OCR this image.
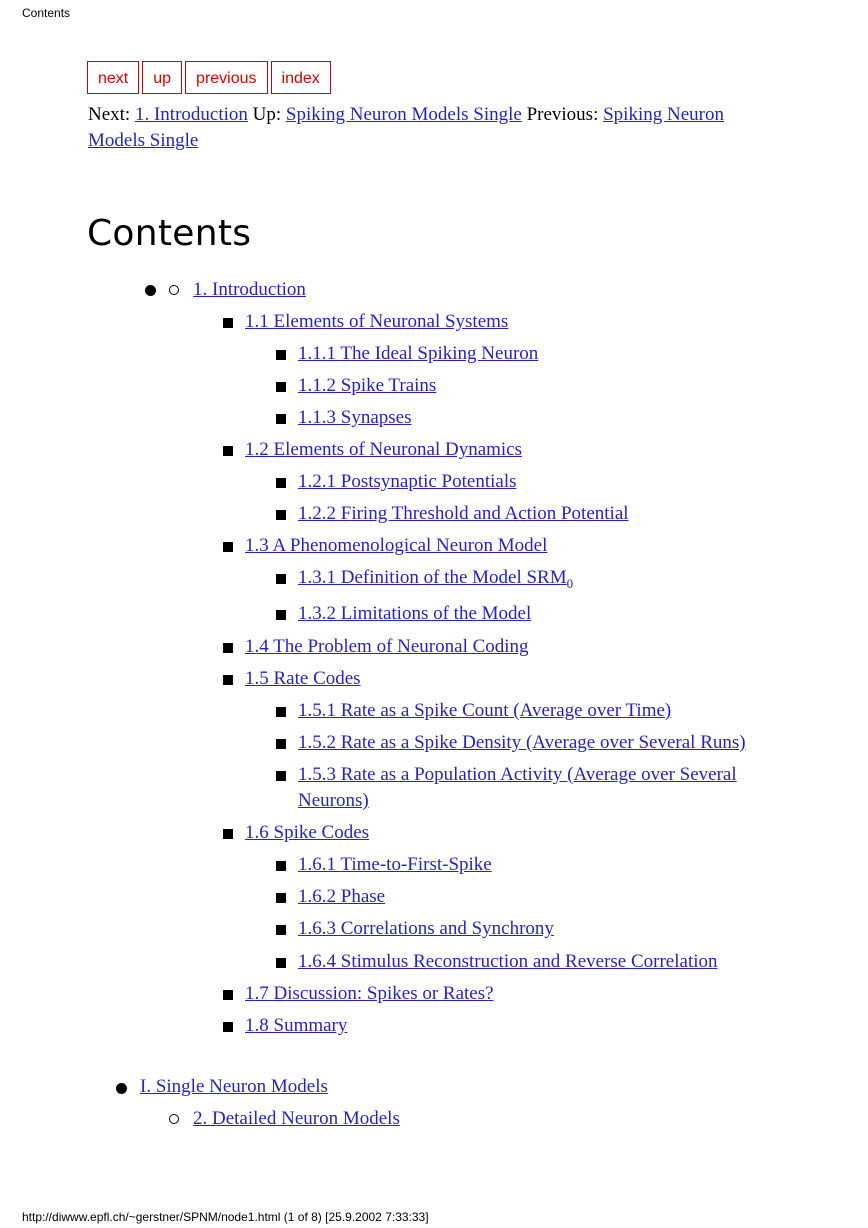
Contents
next	up	previous	index
Next: 1. Introduction Up: Spiking Neuron Models Single Previous: Spiking Neuron Models Single
Contents
1. Introduction
1.1 Elements of Neuronal Systems
1.1.1 The Ideal Spiking Neuron
1.1.2 Spike Trains
1.1.3 Synapses
1.2 Elements of Neuronal Dynamics
1.2.1 Postsynaptic Potentials
1.2.2 Firing Threshold and Action Potential
1.3 A Phenomenological Neuron Model
1.3.1 Definition of the Model $SRM_0$
1.3.2 Limitations of the Model
1.4 The Problem of Neuronal Coding
1.5 Rate Codes
1.5.1 Rate as a Spike Count (Average over Time)
1.5.2 Rate as a Spike Density (Average over Several Runs)
1.5.3 Rate as a Population Activity (Average over Several
Neurons)
1.6 Spike Codes
1.6.1 Time-to-First-Spike
1.6.2 Phase
1.6.3 Correlations and Synchrony
1.6.4 Stimulus Reconstruction and Reverse Correlation
1.7 Discussion: Spikes or Rates?
1.8 Summary
I. Single Neuron Models
2. Detailed Neuron Models
http://diwww.epfl.ch/~gerstner/SPNM/node1.html (1 of 8) [25.9.2002 7:33:33]
